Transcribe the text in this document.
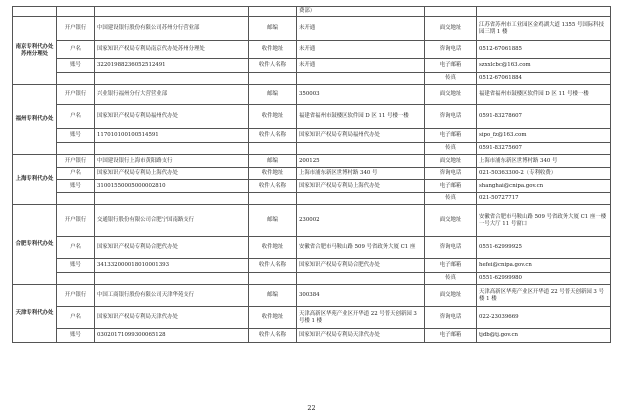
				费部）		
南京专利代办处苏州分理处	开户银行	中国建设银行股份有限公司苏州分行营业部	邮编	未开通	面交地址	江苏省苏州市工业园区金鸡湖大道 1355 号国际科技园三期 1 楼
	户名	国家知识产权局专利局南京代办处苏州分理处	收件地址	未开通	咨询电话	0512-67061885
	账号	32201988236052512491	收件人名称	未开通	电子邮箱	szxxlcbc@163.com
					传真	0512-67061884
福州专利代办处	开户银行	兴业银行福州分行大营营业部	邮编	350003	面交地址	福建省福州市鼓楼区软件园 D 区 11 号楼一楼
	户名	国家知识产权局专利局福州代办处	收件地址	福建省福州市鼓楼区软件园 D 区 11 号楼一楼	咨询电话	0591-83278607
	账号	117010100100514591	收件人名称	国家知识产权局专利局福州代办处	电子邮箱	sipo_fz@163.com
					传真	0591-83275607
上海专利代办处	开户银行	中国建设银行上海市黄阳路支行	邮编	200125	面交地址	上海市浦东新区世博村路 340 号
	户名	国家知识产权局专利局上海代办处	收件地址	上海市浦东新区世博村路 340 号	咨询电话	021-50363300-2（专利收费）
	账号	31001550005000002810	收件人名称	国家知识产权局专利局上海代办处	电子邮箱	shanghai@cnipa.gov.cn
					传真	021-50727717
合肥专利代办处	开户银行	交通银行股份有限公司合肥宁国南路支行	邮编	230002	面交地址	安徽省合肥市马鞍山路 509 号省政务大厦 C1 座一楼一号大厅 11 号窗口
	户名	国家知识产权局专利局合肥代办处	收件地址	安徽省合肥市马鞍山路 509 号省政务大厦 C1 座	咨询电话	0551-62999925
	账号	341332000018010001393	收件人名称	国家知识产权局专利局合肥代办处	电子邮箱	hefei@cnipa.gov.cn
					传真	0551-62999980
天津专利代办处	开户银行	中国工商银行股份有限公司天津华苑支行	邮编	300384	面交地址	天津高新区华苑产业区开华道 22 号普天创新园 3 号楼 1 楼
	户名	国家知识产权局专利局天津代办处	收件地址	天津高新区华苑产业区开华道 22 号普天创新园 3 号楼 1 楼	咨询电话	022-23039669
	账号	03020171099300065128	收件人名称	国家知识产权局专利局天津代办处	电子邮箱	tjdb@tj.gov.cn
22
